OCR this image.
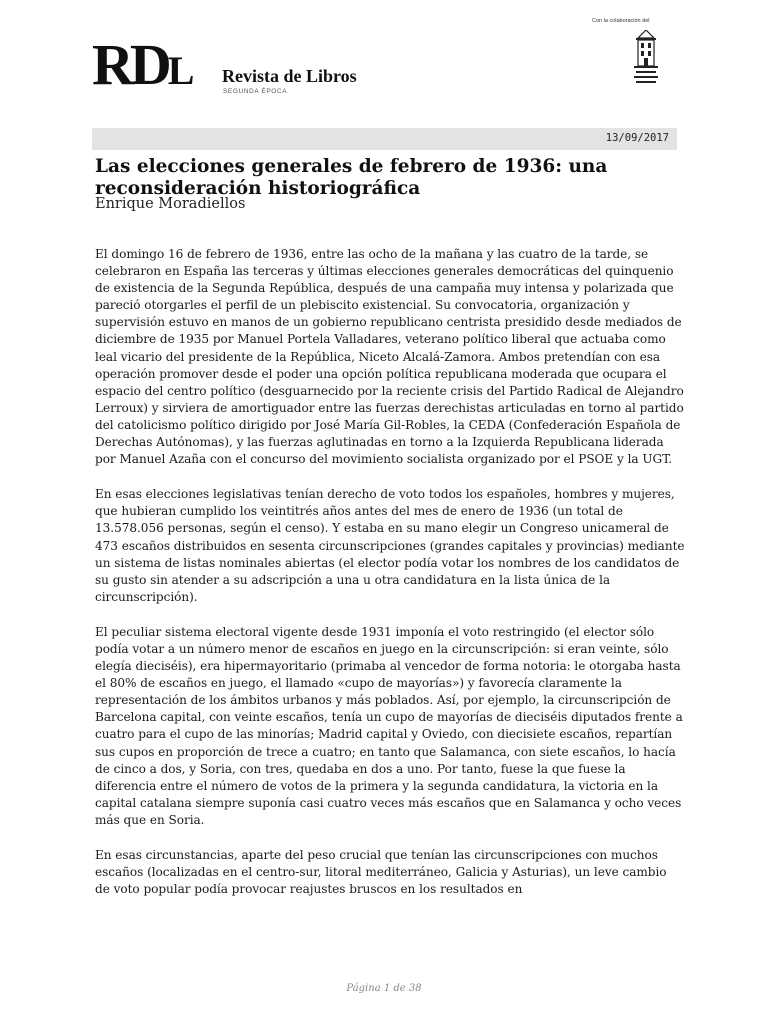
RDL Revista de Libros
SEGUNDA ÉPOCA
Con la colaboración del
13/09/2017
Las elecciones generales de febrero de 1936: una reconsideración historiográfica
Enrique Moradiellos

El domingo 16 de febrero de 1936, entre las ocho de la mañana y las cuatro de la tarde, se celebraron en España las terceras y últimas elecciones generales democráticas del quinquenio de existencia de la Segunda República, después de una campaña muy intensa y polarizada que pareció otorgarles el perfil de un plebiscito existencial. Su convocatoria, organización y supervisión estuvo en manos de un gobierno republicano centrista presidido desde mediados de diciembre de 1935 por Manuel Portela Valladares, veterano político liberal que actuaba como leal vicario del presidente de la República, Niceto Alcalá-Zamora. Ambos pretendían con esa operación promover desde el poder una opción política republicana moderada que ocupara el espacio del centro político (desguarnecido por la reciente crisis del Partido Radical de Alejandro Lerroux) y sirviera de amortiguador entre las fuerzas derechistas articuladas en torno al partido del catolicismo político dirigido por José María Gil-Robles, la CEDA (Confederación Española de Derechas Autónomas), y las fuerzas aglutinadas en torno a la Izquierda Republicana liderada por Manuel Azaña con el concurso del movimiento socialista organizado por el PSOE y la UGT.

En esas elecciones legislativas tenían derecho de voto todos los españoles, hombres y mujeres, que hubieran cumplido los veintitrés años antes del mes de enero de 1936 (un total de 13.578.056 personas, según el censo). Y estaba en su mano elegir un Congreso unicameral de 473 escaños distribuidos en sesenta circunscripciones (grandes capitales y provincias) mediante un sistema de listas nominales abiertas (el elector podía votar los nombres de los candidatos de su gusto sin atender a su adscripción a una u otra candidatura en la lista única de la circunscripción).

El peculiar sistema electoral vigente desde 1931 imponía el voto restringido (el elector sólo podía votar a un número menor de escaños en juego en la circunscripción: si eran veinte, sólo elegía dieciséis), era hipermayoritario (primaba al vencedor de forma notoria: le otorgaba hasta el 80% de escaños en juego, el llamado «cupo de mayorías») y favorecía claramente la representación de los ámbitos urbanos y más poblados. Así, por ejemplo, la circunscripción de Barcelona capital, con veinte escaños, tenía un cupo de mayorías de dieciséis diputados frente a cuatro para el cupo de las minorías; Madrid capital y Oviedo, con diecisiete escaños, repartían sus cupos en proporción de trece a cuatro; en tanto que Salamanca, con siete escaños, lo hacía de cinco a dos, y Soria, con tres, quedaba en dos a uno. Por tanto, fuese la que fuese la diferencia entre el número de votos de la primera y la segunda candidatura, la victoria en la capital catalana siempre suponía casi cuatro veces más escaños que en Salamanca y ocho veces más que en Soria.

En esas circunstancias, aparte del peso crucial que tenían las circunscripciones con muchos escaños (localizadas en el centro-sur, litoral mediterráneo, Galicia y Asturias), un leve cambio de voto popular podía provocar reajustes bruscos en los resultados en

Página 1 de 38
